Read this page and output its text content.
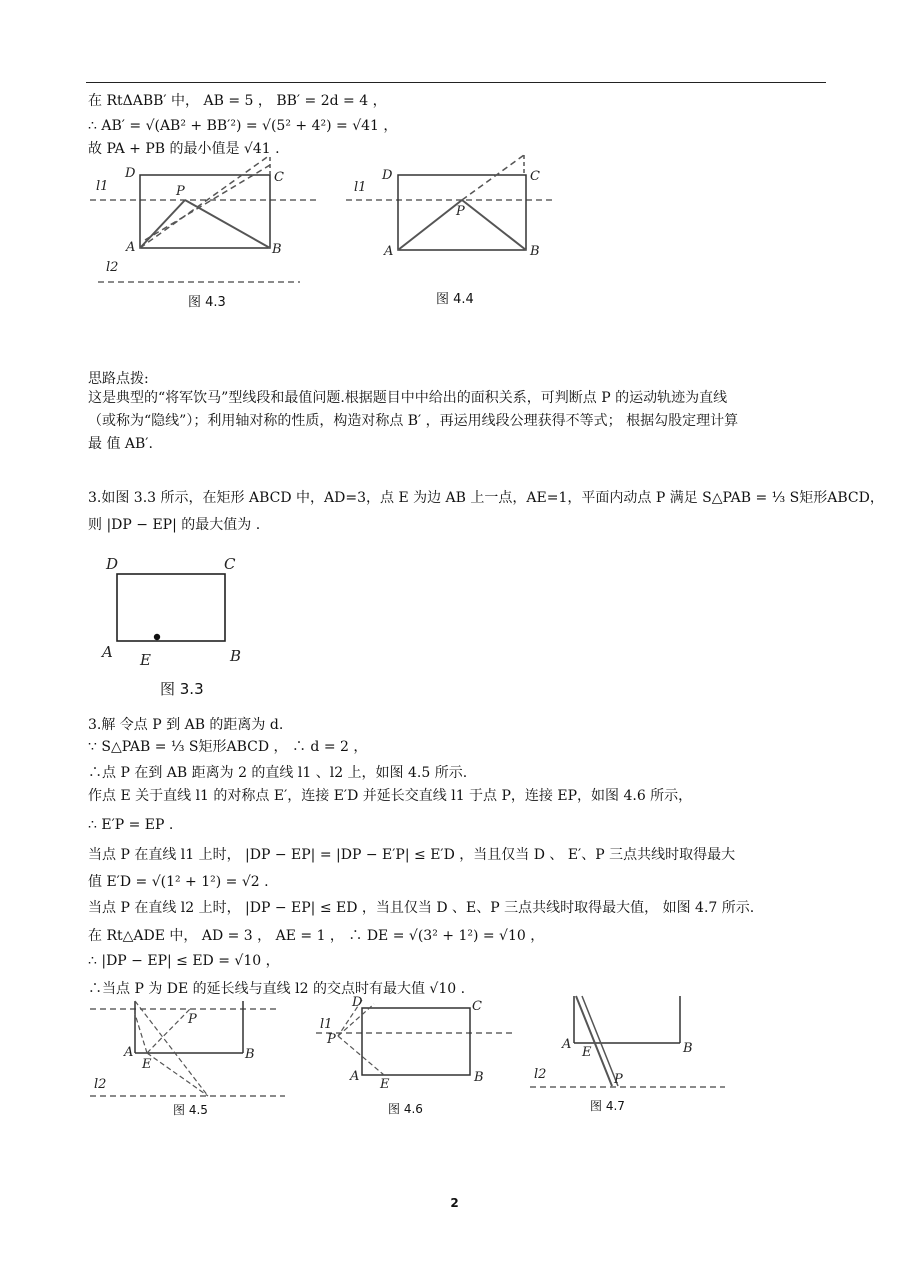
在 RtΔABB′ 中， AB = 5 ， BB′ = 2d = 4 ，
∴ AB′ = √(AB² + BB′²) = √(5² + 4²) = √41 ，
故 PA + PB 的最小值是 √41 .
D	C
P
A	B
l1
l2
图 4.3
D	C
P
A	B
l1
图 4.4
思路点拨:
这是典型的“将军饮马”型线段和最值问题.根据题目中中给出的面积关系，可判断点 P 的运动轨迹为直线
（或称为“隐线”）；利用轴对称的性质，构造对称点 B′ ，再运用线段公理获得不等式； 根据勾股定理计算
最 值 AB′.
3.如图 3.3 所示，在矩形 ABCD 中，AD=3，点 E 为边 AB 上一点，AE=1，平面内动点 P 满足 S△PAB = ⅓ S矩形ABCD，
则 |DP − EP| 的最大值为 .
D	C
A E	B
图 3.3
3.解 令点 P 到 AB 的距离为 d.
∵ S△PAB = ⅓ S矩形ABCD ， ∴ d = 2 ，
∴点 P 在到 AB 距离为 2 的直线 l1 、l2 上，如图 4.5 所示.
作点 E 关于直线 l1 的对称点 E′，连接 E′D 并延长交直线 l1 于点 P，连接 EP，如图 4.6 所示，
∴ E′P = EP .
当点 P 在直线 l1 上时， |DP − EP| = |DP − E′P| ≤ E′D ，当且仅当 D 、 E′、P 三点共线时取得最大
值 E′D = √(1² + 1²) = √2 .
当点 P 在直线 l2 上时， |DP − EP| ≤ ED ，当且仅当 D 、E、P 三点共线时取得最大值， 如图 4.7 所示.
在 Rt△ADE 中， AD = 3 ， AE = 1 ， ∴ DE = √(3² + 1²) = √10 ，
∴ |DP − EP| ≤ ED = √10 ，
∴当点 P 为 DE 的延长线与直线 l2 的交点时有最大值 √10 .
P
A
E
B
l2
图 4.5
D	C
l1
P
A
E	B
图 4.6
A
E	B
P
l2
图 4.7
2
